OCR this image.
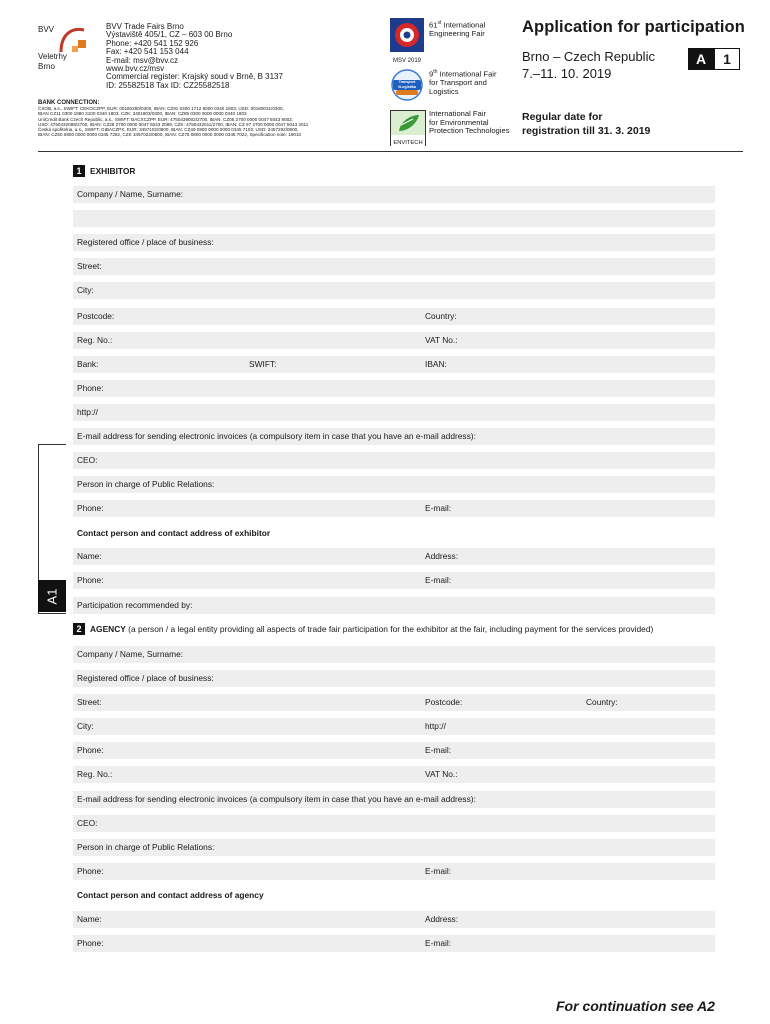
BVV
Veletrhy
Brno
BVV Trade Fairs Brno
Výstaviště 405/1, CZ – 603 00 Brno
Phone: +420 541 152 926
Fax: +420 541 153 044
E-mail: msv@bvv.cz
www.bvv.cz/msv
Commercial register: Krajský soud v Brně, B 3137
ID: 25582518 Tax ID: CZ25582518
BANK CONNECTION:
ČSOB, a.s., SWIFT: CEKOCZPP, EUR: 00180280/0300, IBAN: CZ91 0300 1712 8000 0340 1803; USD: 00180031/0300,
IBAN CZ11 0300 1880 3100 0340 1803, CZK: 3401803/0300, IBAN: CZ85 0300 0000 0000 0340 1803
UniCredit Bank Czech Republic, a.s., SWIFT: BACXCZPP, EUR: 4750439002/2700, IBAN: CZ05 2700 0000 0047 5043 9002;
USD: 4750432089/2700, IBAN: CZ28 2700 0000 0047 5043 2089, CZK: 4750432011/2700, IBAN: CZ 97 2700 0000 0047 5043 2011
Česká spořitelna, a.s., SWIFT: GIBACZPX, EUR: 3457102/0800, IBAN: CZ49 0800 0000 0000 0345 7102; USD: 3457292/0800,
IBAN: CZ60 0800 0000 0000 0345 7292, CZK 3457022/0800, IBAN: CZ75 0800 0000 0000 0345 7022, Specification note: 19010
MSV 2019
61st International
Engineering Fair
Transport #Logistika
9th International Fair
for Transport and
Logistics
ENVITECH
International Fair
for Environmental
Protection Technologies
Application for participation
Brno – Czech Republic
7.–11. 10. 2019
A	1
Regular date for
registration till 31. 3. 2019
A1
1	EXHIBITOR
Company / Name, Surname:
Registered office / place of business:
Street:
City:
Postcode:	Country:
Reg. No.:	VAT No.:
Bank:	SWIFT:	IBAN:
Phone:
http://
E-mail address for sending electronic invoices (a compulsory item in case that you have an e-mail address):
CEO:
Person in charge of Public Relations:
Phone:	E-mail:
Contact person and contact address of exhibitor
Name:	Address:
Phone:	E-mail:
Participation recommended by:
2	AGENCY
(a person / a legal entity providing all aspects of trade fair participation for the exhibitor at the fair, including payment for the services provided)
Company / Name, Surname:
Registered office / place of business:
Street:	Postcode:	Country:
City:	http://
Phone:	E-mail:
Reg. No.:	VAT No.:
E-mail address for sending electronic invoices (a compulsory item in case that you have an e-mail address):
CEO:
Person in charge of Public Relations:
Phone:	E-mail:
Contact person and contact address of agency
Name:	Address:
Phone:	E-mail:
For continuation see A2
